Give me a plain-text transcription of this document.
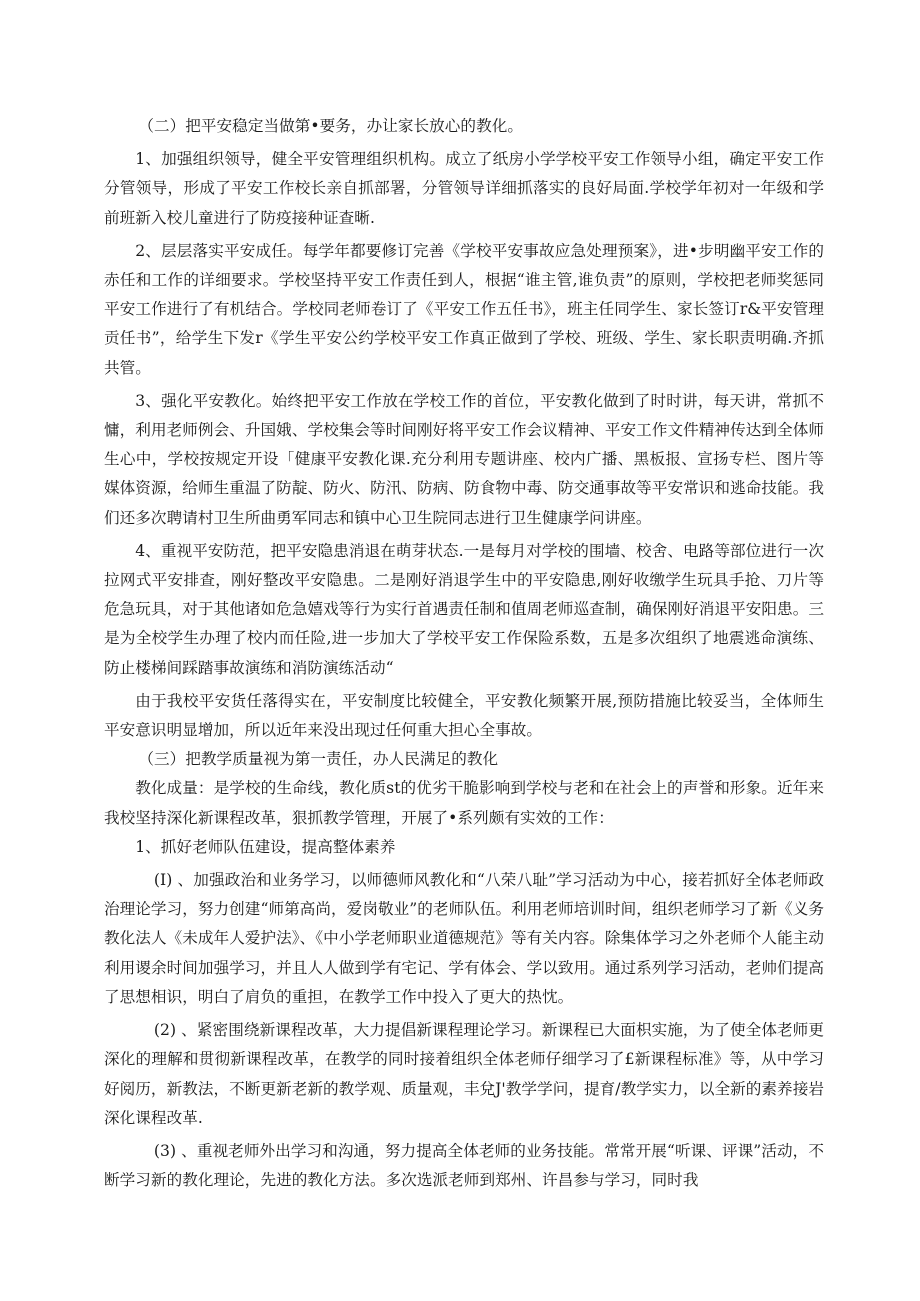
（二）把平安稳定当做第•要务，办让家长放心的教化。

1、加强组织领导，健全平安管理组织机构。成立了纸房小学学校平安工作领导小组，确定平安工作分管领导，形成了平安工作校长亲自抓部署，分管领导详细抓落实的良好局面.学校学年初对一年级和学前班新入校儿童进行了防疫接种证查晰.

2、层层落实平安成任。每学年都要修订完善《学校平安事故应急处理预案》，进•步明幽平安工作的赤任和工作的详细要求。学校坚持平安工作责任到人，根据“谁主管,谁负责”的原则，学校把老师奖惩同平安工作进行了有机结合。学校同老师卷订了《平安工作五任书》，班主任同学生、家长签订r&平安管理贡任书”，给学生下发r《学生平安公约学校平安工作真正做到了学校、班级、学生、家长职责明确.齐抓共管。

3、强化平安教化。始终把平安工作放在学校工作的首位，平安教化做到了时时讲，每天讲，常抓不慵，利用老师例会、升国娥、学校集会等时间刚好将平安工作会议精神、平安工作文件精神传达到全体师生心中，学校按规定开设「健康平安教化课.充分利用专题讲座、校内广播、黑板报、宣扬专栏、图片等媒体资源，给师生重温了防靛、防火、防汛、防病、防食物中毒、防交通事故等平安常识和逃命技能。我们还多次聘请村卫生所曲勇军同志和镇中心卫生院同志进行卫生健康学问讲座。

4、重视平安防范，把平安隐患消退在萌芽状态.一是每月对学校的围墙、校舍、电路等部位进行一次拉网式平安排查，刚好整改平安隐患。二是刚好消退学生中的平安隐患,刚好收缴学生玩具手抢、刀片等危急玩具，对于其他诸如危急嬉戏等行为实行首遇责任制和值周老师巡查制，确保刚好消退平安阳患。三是为全校学生办理了校内而任险,进一步加大了学校平安工作保险系数，五是多次组织了地震逃命演练、防止楼梯间踩踏事故演练和消防演练活动“

由于我校平安货任落得实在，平安制度比较健全，平安教化频繁开展,预防措施比较妥当，全体师生平安意识明显增加，所以近年来没出现过任何重大担心全事故。

（三）把教学质量视为第一责任，办人民满足的教化

教化成量：是学校的生命线，教化质st的优劣干脆影响到学校与老和在社会上的声誉和形象。近年来我校坚持深化新课程改革，狠抓教学管理，开展了•系列颇有实效的工作：

1、抓好老师队伍建设，提高整体素养

(I) 、加强政治和业务学习，以师德师风教化和“八荣八耻”学习活动为中心，接若抓好全体老师政治理论学习，努力创建“师第高尚，爱岗敬业”的老师队伍。利用老师培训时间，组织老师学习了新《义务教化法人《未成年人爱护法》、《中小学老师职业道德规范》等有关内容。除集体学习之外老师个人能主动利用谡余时间加强学习，并且人人做到学有宅记、学有体会、学以致用。通过系列学习活动，老帅们提高了思想相识，明白了肩负的重担，在教学工作中投入了更大的热忱。

(2) 、紧密围绕新课程改革，大力提倡新课程理论学习。新课程已大面枳实施，为了使全体老师更深化的理解和贯彻新课程改革，在教学的同时接着组织全体老师仔细学习了£新课程标准》等，从中学习好阅历，新教法，不断更新老新的教学观、质量观，丰兌J'教学学问，提育/教学实力，以全新的素养接岩深化课程改革.

(3) 、重视老师外出学习和沟通，努力提高全体老师的业务技能。常常开展“听课、评课”活动，不断学习新的教化理论，先进的教化方法。多次选派老师到郑州、许昌参与学习，同时我
